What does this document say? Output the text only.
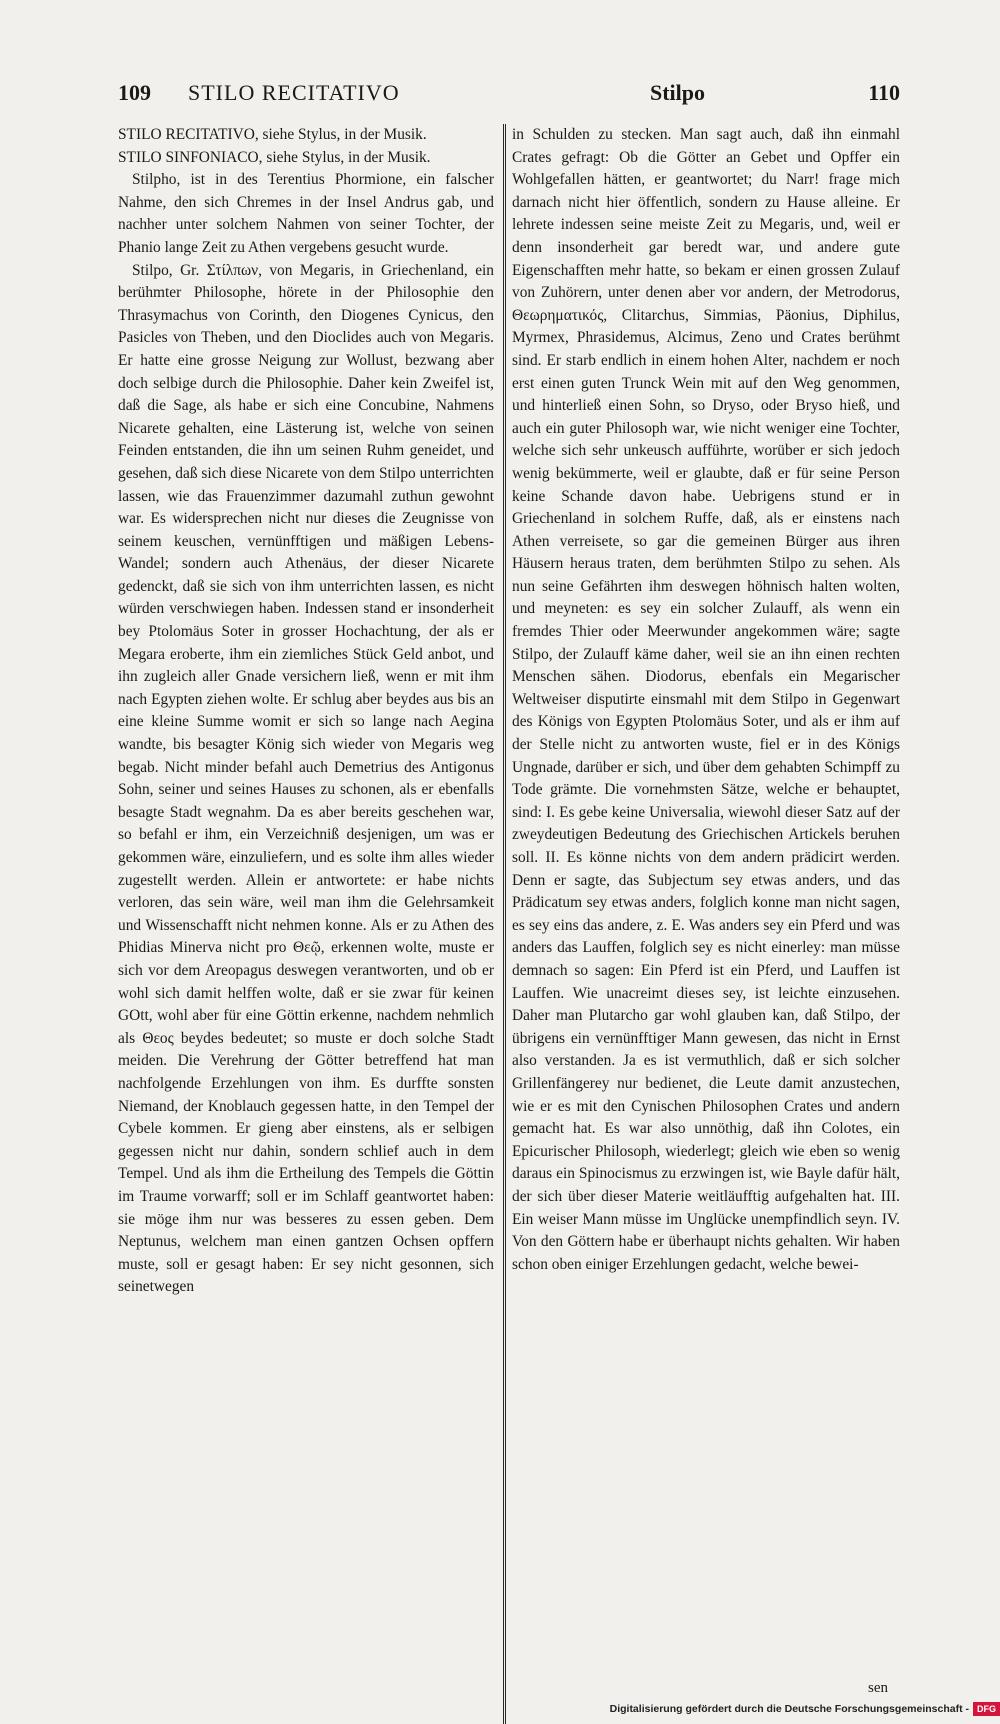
109 STILO RECITATIVO	Stilpo	110

STILO RECITATIVO, siehe Stylus, in der Musik.

STILO SINFONIACO, siehe Stylus, in der Musik.

Stilpho, ist in des Terentius Phormione, ein falscher Nahme, den sich Chremes in der Insel Andrus gab, und nachher unter solchem Nahmen von seiner Tochter, der Phanio lange Zeit zu Athen vergebens gesucht wurde.

Stilpo, Gr. Στίλπων, von Megaris, in Griechenland, ein berühmter Philosophe, hörete in der Philosophie den Thrasymachus von Corinth, den Diogenes Cynicus, den Pasicles von Theben, und den Dioclides auch von Megaris. Er hatte eine grosse Neigung zur Wollust, bezwang aber doch selbige durch die Philosophie. Daher kein Zweifel ist, daß die Sage, als habe er sich eine Concubine, Nahmens Nicarete gehalten, eine Lästerung ist, welche von seinen Feinden entstanden, die ihn um seinen Ruhm geneidet, und gesehen, daß sich diese Nicarete von dem Stilpo unterrichten lassen, wie das Frauenzimmer dazumahl zuthun gewohnt war. Es widersprechen nicht nur dieses die Zeugnisse von seinem keuschen, vernünfftigen und mäßigen Lebens-Wandel; sondern auch Athenäus, der dieser Nicarete gedenckt, daß sie sich von ihm unterrichten lassen, es nicht würden verschwiegen haben. Indessen stand er insonderheit bey Ptolomäus Soter in grosser Hochachtung, der als er Megara eroberte, ihm ein ziemliches Stück Geld anbot, und ihn zugleich aller Gnade versichern ließ, wenn er mit ihm nach Egypten ziehen wolte. Er schlug aber beydes aus bis an eine kleine Summe womit er sich so lange nach Aegina wandte, bis besagter König sich wieder von Megaris weg begab. Nicht minder befahl auch Demetrius des Antigonus Sohn, seiner und seines Hauses zu schonen, als er ebenfalls besagte Stadt wegnahm. Da es aber bereits geschehen war, so befahl er ihm, ein Verzeichniß desjenigen, um was er gekommen wäre, einzuliefern, und es solte ihm alles wieder zugestellt werden. Allein er antwortete: er habe nichts verloren, das sein wäre, weil man ihm die Gelehrsamkeit und Wissenschafft nicht nehmen konne. Als er zu Athen des Phidias Minerva nicht pro Θεῷ, erkennen wolte, muste er sich vor dem Areopagus deswegen verantworten, und ob er wohl sich damit helffen wolte, daß er sie zwar für keinen GOtt, wohl aber für eine Göttin erkenne, nachdem nehmlich als Θεος beydes bedeutet; so muste er doch solche Stadt meiden. Die Verehrung der Götter betreffend hat man nachfolgende Erzehlungen von ihm. Es durffte sonsten Niemand, der Knoblauch gegessen hatte, in den Tempel der Cybele kommen. Er gieng aber einstens, als er selbigen gegessen nicht nur dahin, sondern schlief auch in dem Tempel. Und als ihm die Ertheilung des Tempels die Göttin im Traume vorwarff; soll er im Schlaff geantwortet haben: sie möge ihm nur was besseres zu essen geben. Dem Neptunus, welchem man einen gantzen Ochsen opffern muste, soll er gesagt haben: Er sey nicht gesonnen, sich seinetwegen

in Schulden zu stecken. Man sagt auch, daß ihn einmahl Crates gefragt: Ob die Götter an Gebet und Opffer ein Wohlgefallen hätten, er geantwortet; du Narr! frage mich darnach nicht hier öffentlich, sondern zu Hause alleine. Er lehrete indessen seine meiste Zeit zu Megaris, und, weil er denn insonderheit gar beredt war, und andere gute Eigenschafften mehr hatte, so bekam er einen grossen Zulauf von Zuhörern, unter denen aber vor andern, der Metrodorus, Θεωρηματικός, Clitarchus, Simmias, Päonius, Diphilus, Myrmex, Phrasidemus, Alcimus, Zeno und Crates berühmt sind. Er starb endlich in einem hohen Alter, nachdem er noch erst einen guten Trunck Wein mit auf den Weg genommen, und hinterließ einen Sohn, so Dryso, oder Bryso hieß, und auch ein guter Philosoph war, wie nicht weniger eine Tochter, welche sich sehr unkeusch aufführte, worüber er sich jedoch wenig bekümmerte, weil er glaubte, daß er für seine Person keine Schande davon habe. Uebrigens stund er in Griechenland in solchem Ruffe, daß, als er einstens nach Athen verreisete, so gar die gemeinen Bürger aus ihren Häusern heraus traten, dem berühmten Stilpo zu sehen. Als nun seine Gefährten ihm deswegen höhnisch halten wolten, und meyneten: es sey ein solcher Zulauff, als wenn ein fremdes Thier oder Meerwunder angekommen wäre; sagte Stilpo, der Zulauff käme daher, weil sie an ihn einen rechten Menschen sähen. Diodorus, ebenfals ein Megarischer Weltweiser disputirte einsmahl mit dem Stilpo in Gegenwart des Königs von Egypten Ptolomäus Soter, und als er ihm auf der Stelle nicht zu antworten wuste, fiel er in des Königs Ungnade, darüber er sich, und über dem gehabten Schimpff zu Tode grämte. Die vornehmsten Sätze, welche er behauptet, sind: I. Es gebe keine Universalia, wiewohl dieser Satz auf der zweydeutigen Bedeutung des Griechischen Artickels beruhen soll. II. Es könne nichts von dem andern prädicirt werden. Denn er sagte, das Subjectum sey etwas anders, und das Prädicatum sey etwas anders, folglich konne man nicht sagen, es sey eins das andere, z. E. Was anders sey ein Pferd und was anders das Lauffen, folglich sey es nicht einerley: man müsse demnach so sagen: Ein Pferd ist ein Pferd, und Lauffen ist Lauffen. Wie unacreimt dieses sey, ist leichte einzusehen. Daher man Plutarcho gar wohl glauben kan, daß Stilpo, der übrigens ein vernünfftiger Mann gewesen, das nicht in Ernst also verstanden. Ja es ist vermuthlich, daß er sich solcher Grillenfängerey nur bedienet, die Leute damit anzustechen, wie er es mit den Cynischen Philosophen Crates und andern gemacht hat. Es war also unnöthig, daß ihn Colotes, ein Epicurischer Philosoph, wiederlegt; gleich wie eben so wenig daraus ein Spinocismus zu erzwingen ist, wie Bayle dafür hält, der sich über dieser Materie weitläufftig aufgehalten hat. III. Ein weiser Mann müsse im Unglücke unempfindlich seyn. IV. Von den Göttern habe er überhaupt nichts gehalten. Wir haben schon oben einiger Erzehlungen gedacht, welche bewei-

sen
Digitalisierung gefördert durch die Deutsche Forschungsgemeinschaft - DFG
